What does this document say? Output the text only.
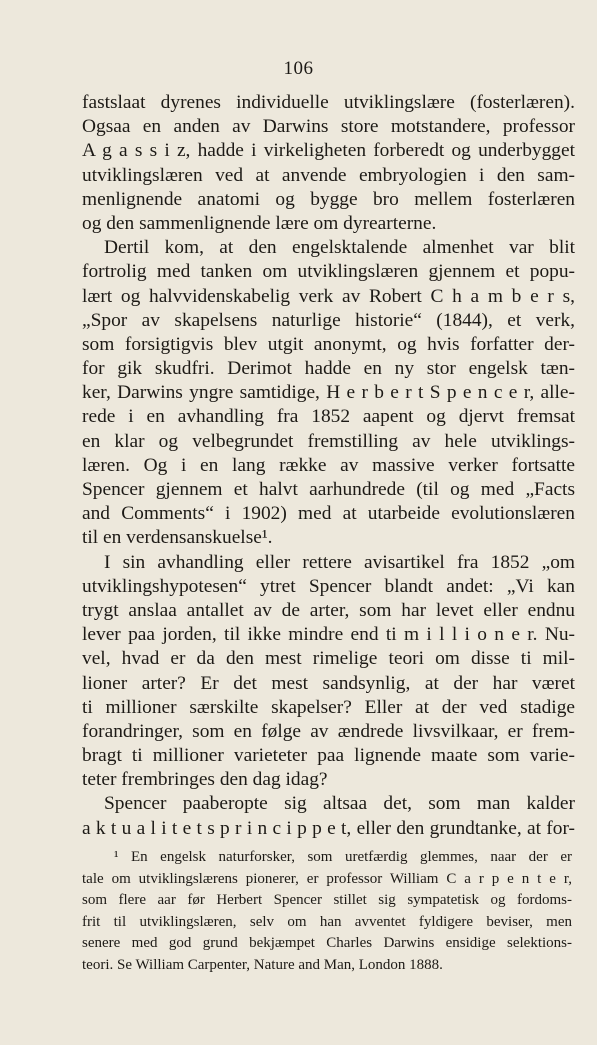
106
fastslaat dyrenes individuelle utviklingslære (fosterlæren).
Ogsaa en anden av Darwins store motstandere, professor
A g a s s i z, hadde i virkeligheten forberedt og underbygget
utviklingslæren ved at anvende embryologien i den sam-
menlignende anatomi og bygge bro mellem fosterlæren
og den sammenlignende lære om dyrearterne.
Dertil kom, at den engelsktalende almenhet var blit
fortrolig med tanken om utviklingslæren gjennem et popu-
lært og halvvidenskabelig verk av Robert C h a m b e r s,
„Spor av skapelsens naturlige historie“ (1844), et verk,
som forsigtigvis blev utgit anonymt, og hvis forfatter der-
for gik skudfri. Derimot hadde en ny stor engelsk tæn-
ker, Darwins yngre samtidige, H e r b e r t S p e n c e r, alle-
rede i en avhandling fra 1852 aapent og djervt fremsat
en klar og velbegrundet fremstilling av hele utviklings-
læren. Og i en lang række av massive verker fortsatte
Spencer gjennem et halvt aarhundrede (til og med „Facts
and Comments“ i 1902) med at utarbeide evolutionslæren
til en verdensanskuelse¹.
I sin avhandling eller rettere avisartikel fra 1852 „om
utviklingshypotesen“ ytret Spencer blandt andet: „Vi kan
trygt anslaa antallet av de arter, som har levet eller endnu
lever paa jorden, til ikke mindre end ti m i l l i o n e r. Nu-
vel, hvad er da den mest rimelige teori om disse ti mil-
lioner arter? Er det mest sandsynlig, at der har været
ti millioner særskilte skapelser? Eller at der ved stadige
forandringer, som en følge av ændrede livsvilkaar, er frem-
bragt ti millioner varieteter paa lignende maate som varie-
teter frembringes den dag idag?
Spencer paaberopte sig altsaa det, som man kalder
a k t u a l i t e t s p r i n c i p p e t, eller den grundtanke, at for-
¹ En engelsk naturforsker, som uretfærdig glemmes, naar der er
tale om utviklingslærens pionerer, er professor William C a r p e n t e r,
som flere aar før Herbert Spencer stillet sig sympatetisk og fordoms-
frit til utviklingslæren, selv om han avventet fyldigere beviser, men
senere med god grund bekjæmpet Charles Darwins ensidige selektions-
teori. Se William Carpenter, Nature and Man, London 1888.
